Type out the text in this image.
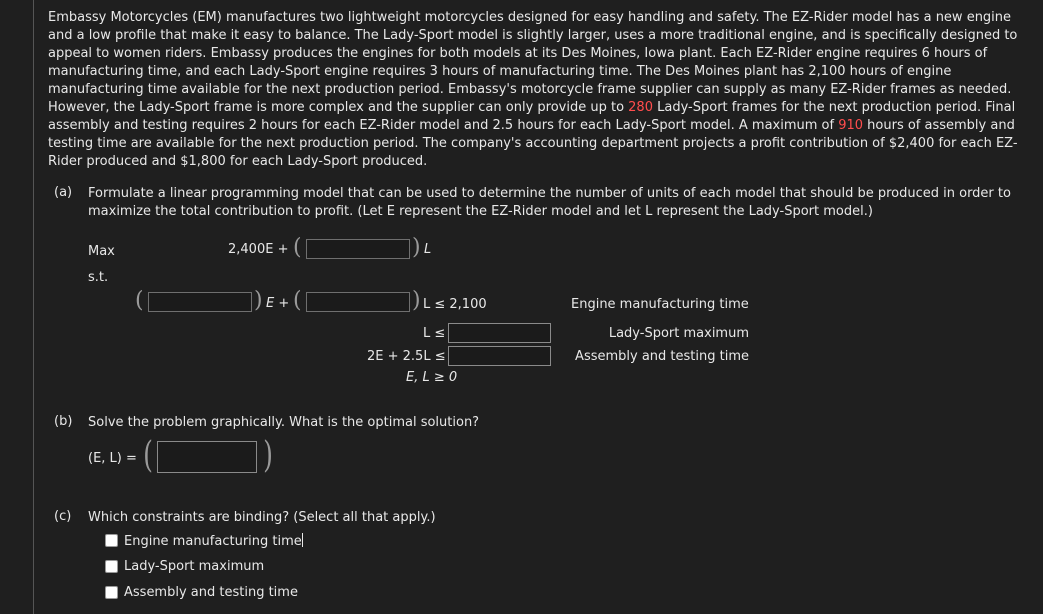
Embassy Motorcycles (EM) manufactures two lightweight motorcycles designed for easy handling and safety. The EZ-Rider model has a new engine and a low profile that make it easy to balance. The Lady-Sport model is slightly larger, uses a more traditional engine, and is specifically designed to appeal to women riders. Embassy produces the engines for both models at its Des Moines, Iowa plant. Each EZ-Rider engine requires 6 hours of manufacturing time, and each Lady-Sport engine requires 3 hours of manufacturing time. The Des Moines plant has 2,100 hours of engine manufacturing time available for the next production period. Embassy's motorcycle frame supplier can supply as many EZ-Rider frames as needed. However, the Lady-Sport frame is more complex and the supplier can only provide up to 280 Lady-Sport frames for the next production period. Final assembly and testing requires 2 hours for each EZ-Rider model and 2.5 hours for each Lady-Sport model. A maximum of 910 hours of assembly and testing time are available for the next production period. The company's accounting department projects a profit contribution of $2,400 for each EZ-Rider produced and $1,800 for each Lady-Sport produced.
(a) Formulate a linear programming model that can be used to determine the number of units of each model that should be produced in order to maximize the total contribution to profit. (Let E represent the EZ-Rider model and let L represent the Lady-Sport model.)
Max	2,400E + (	) L
s.t.
(	) E + (	) L ≤ 2,100	Engine manufacturing time
L ≤	Lady-Sport maximum
2E + 2.5L ≤	Assembly and testing time
E, L ≥ 0
(b) Solve the problem graphically. What is the optimal solution?
(E, L) = (	)
(c) Which constraints are binding? (Select all that apply.)
Engine manufacturing time
Lady-Sport maximum
Assembly and testing time
